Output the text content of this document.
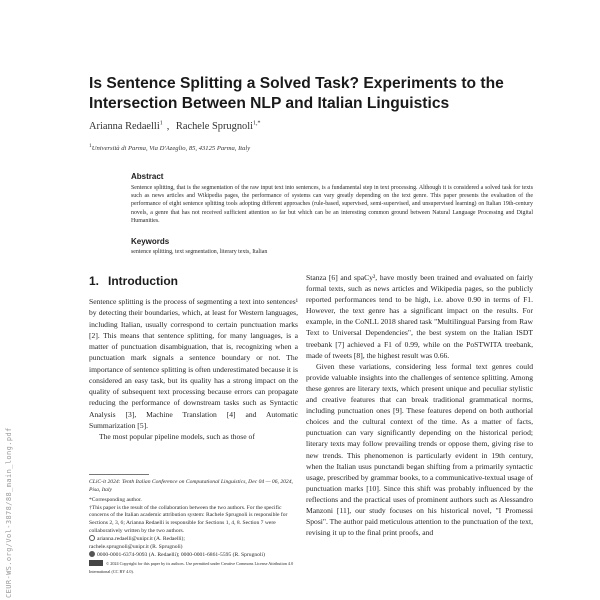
Is Sentence Splitting a Solved Task? Experiments to the Intersection Between NLP and Italian Linguistics
Arianna Redaelli$^1$ , Rachele Sprugnoli$^{1,*}$
$^1$Università di Parma, Via D'Azeglio, 85, 43125 Parma, Italy
Abstract
Sentence splitting, that is the segmentation of the raw input text into sentences, is a fundamental step in text processing. Although it is considered a solved task for texts such as news articles and Wikipedia pages, the performance of systems can vary greatly depending on the text genre. This paper presents the evaluation of the performance of eight sentence splitting tools adopting different approaches (rule-based, supervised, semi-supervised, and unsupervised learning) on Italian 19th-century novels, a genre that has not received sufficient attention so far but which can be an interesting common ground between Natural Language Processing and Digital Humanities.
Keywords
sentence splitting, text segmentation, literary texts, Italian
1. Introduction

Sentence splitting is the process of segmenting a text into sentences¹ by detecting their boundaries, which, at least for Western languages, including Italian, usually correspond to certain punctuation marks [2]. This means that sentence splitting, for many languages, is a matter of punctuation disambiguation, that is, recognizing when a punctuation mark signals a sentence boundary or not. The importance of sentence splitting is often underestimated because it is considered an easy task, but its quality has a strong impact on the quality of subsequent text processing because errors can propagate reducing the performance of downstream tasks such as Syntactic Analysis [3], Machine Translation [4] and Automatic Summarization [5].

The most popular pipeline models, such as those of

Stanza [6] and spaCy², have mostly been trained and evaluated on fairly formal texts, such as news articles and Wikipedia pages, so the publicly reported performances tend to be high, i.e. above 0.90 in terms of F1. However, the text genre has a significant impact on the results. For example, in the CoNLL 2018 shared task "Multilingual Parsing from Raw Text to Universal Dependencies", the best system on the Italian ISDT treebank [7] achieved a F1 of 0.99, while on the PoSTWITA treebank, made of tweets [8], the highest result was 0.66.

Given these variations, considering less formal text genres could provide valuable insights into the challenges of sentence splitting. Among these genres are literary texts, which present unique and peculiar stylistic and creative features that can break traditional grammatical norms, including punctuation ones [9]. These features depend on both authorial choices and the cultural context of the time. As a matter of facts, punctuation can vary significantly depending on the historical period; literary texts may follow prevailing trends or oppose them, giving rise to new trends. This phenomenon is particularly evident in 19th century, when the Italian usus punctandi began shifting from a primarily syntactic usage, prescribed by grammar books, to a communicative-textual usage of punctuation marks [10]. Since this shift was probably influenced by the reflections and the practical uses of prominent authors such as Alessandro Manzoni [11], our study focuses on his historical novel, "I Promessi Sposi". The author paid meticulous attention to the punctuation of the text, revising it up to the final print proofs, and

CLiC-it 2024: Tenth Italian Conference on Computational Linguistics, Dec 04 — 06, 2024, Pisa, Italy

*Corresponding author.

†This paper is the result of the collaboration between the two authors. For the specific concerns of the Italian academic attribution system: Rachele Sprugnoli is responsible for Sections 2, 3, 6; Arianna Redaelli is responsible for Sections 1, 4, 8. Section 7 were collaboratively written by the two authors.

arianna.redaelli@unipr.it (A. Redaelli);
rachele.sprugnoli@unipr.it (R. Sprugnoli)

0000-0001-6374-9093 (A. Redaelli); 0000-0001-6861-5595 (R. Sprugnoli)

© 2024 Copyright for this paper by its authors. Use permitted under Creative Commons License Attribution 4.0 International (CC BY 4.0).

CEUR-WS.org/Vol-3878/88_main_long.pdf
